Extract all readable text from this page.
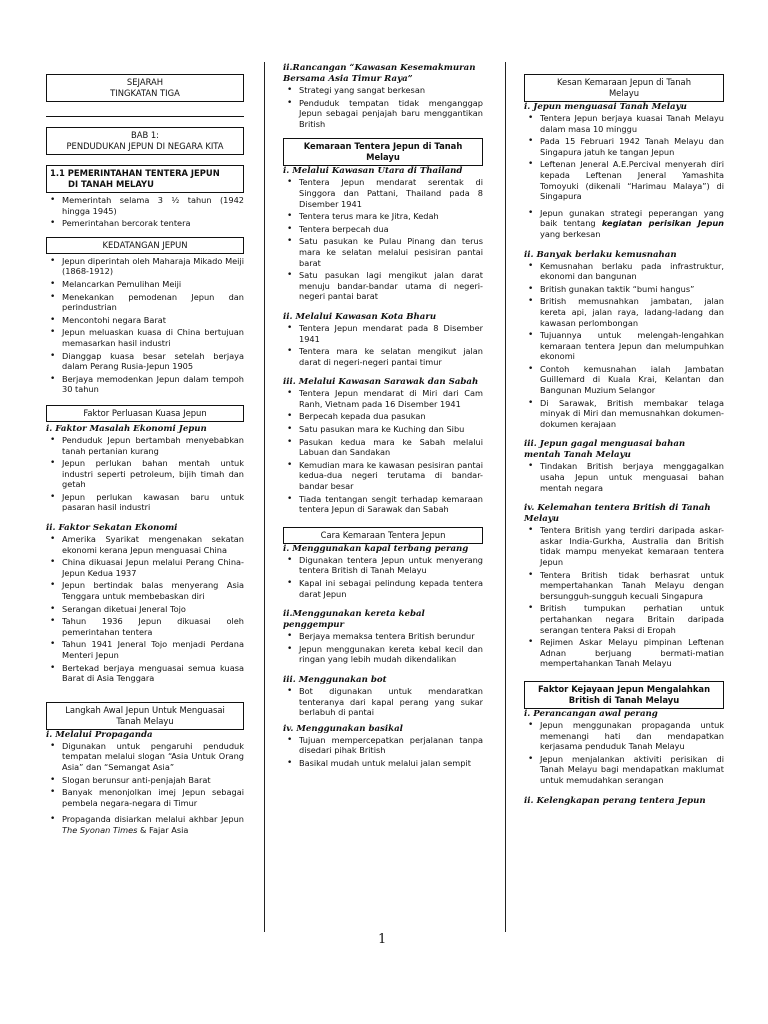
SEJARAH
TINGKATAN TIGA
BAB 1:
PENDUDUKAN JEPUN DI NEGARA KITA
1.1 PEMERINTAHAN TENTERA JEPUN
DI TANAH MELAYU
• Memerintah selama 3 ½ tahun (1942 hingga 1945)
• Pemerintahan bercorak tentera
KEDATANGAN JEPUN
• Jepun diperintah oleh Maharaja Mikado Meiji (1868-1912)
• Melancarkan Pemulihan Meiji
• Menekankan pemodenan Jepun dan perindustrian
• Mencontohi negara Barat
• Jepun meluaskan kuasa di China bertujuan memasarkan hasil industri
• Dianggap kuasa besar setelah berjaya dalam Perang Rusia-Jepun 1905
• Berjaya memodenkan Jepun dalam tempoh 30 tahun
Faktor Perluasan Kuasa Jepun

i. Faktor Masalah Ekonomi Jepun

• Penduduk Jepun bertambah menyebabkan tanah pertanian kurang
• Jepun perlukan bahan mentah untuk industri seperti petroleum, bijih timah dan getah
• Jepun perlukan kawasan baru untuk pasaran hasil industri

ii. Faktor Sekatan Ekonomi

• Amerika Syarikat mengenakan sekatan ekonomi kerana Jepun menguasai China
• China dikuasai Jepun melalui Perang China-Jepun Kedua 1937
• Jepun bertindak balas menyerang Asia Tenggara untuk membebaskan diri
• Serangan diketuai Jeneral Tojo
• Tahun 1936 Jepun dikuasai oleh pemerintahan tentera
• Tahun 1941 Jeneral Tojo menjadi Perdana Menteri Jepun
• Bertekad berjaya menguasai semua kuasa Barat di Asia Tenggara
Langkah Awal Jepun Untuk Menguasai
Tanah Melayu

i. Melalui Propaganda

• Digunakan untuk pengaruhi penduduk tempatan melalui slogan “Asia Untuk Orang Asia” dan “Semangat Asia”
• Slogan berunsur anti-penjajah Barat
• Banyak menonjolkan imej Jepun sebagai pembela negara-negara di Timur
• Propaganda disiarkan melalui akhbar Jepun The Syonan Times & Fajar Asia

ii.Rancangan “Kawasan Kesemakmuran Bersama Asia Timur Raya”

• Strategi yang sangat berkesan
• Penduduk tempatan tidak menganggap Jepun sebagai penjajah baru menggantikan British
Kemaraan Tentera Jepun di Tanah
Melayu

i. Melalui Kawasan Utara di Thailand

• Tentera Jepun mendarat serentak di Singgora dan Pattani, Thailand pada 8 Disember 1941
• Tentera terus mara ke Jitra, Kedah
• Tentera berpecah dua
• Satu pasukan ke Pulau Pinang dan terus mara ke selatan melalui pesisiran pantai barat
• Satu pasukan lagi mengikut jalan darat menuju bandar-bandar utama di negeri-negeri pantai barat

ii. Melalui Kawasan Kota Bharu

• Tentera Jepun mendarat pada 8 Disember 1941
• Tentera mara ke selatan mengikut jalan darat di negeri-negeri pantai timur

iii. Melalui Kawasan Sarawak dan Sabah

• Tentera Jepun mendarat di Miri dari Cam Ranh, Vietnam pada 16 Disember 1941
• Berpecah kepada dua pasukan
• Satu pasukan mara ke Kuching dan Sibu
• Pasukan kedua mara ke Sabah melalui Labuan dan Sandakan
• Kemudian mara ke kawasan pesisiran pantai kedua-dua negeri terutama di bandar-bandar besar
• Tiada tentangan sengit terhadap kemaraan tentera Jepun di Sarawak dan Sabah
Cara Kemaraan Tentera Jepun

i. Menggunakan kapal terbang perang

• Digunakan tentera Jepun untuk menyerang tentera British di Tanah Melayu
• Kapal ini sebagai pelindung kepada tentera darat Jepun

ii.Menggunakan kereta kebal penggempur

• Berjaya memaksa tentera British berundur
• Jepun menggunakan kereta kebal kecil dan ringan yang lebih mudah dikendalikan

iii. Menggunakan bot

• Bot digunakan untuk mendaratkan tenteranya dari kapal perang yang sukar berlabuh di pantai

iv. Menggunakan basikal

• Tujuan mempercepatkan perjalanan tanpa disedari pihak British
• Basikal mudah untuk melalui jalan sempit
Kesan Kemaraan Jepun di Tanah
Melayu

i. Jepun menguasai Tanah Melayu

• Tentera Jepun berjaya kuasai Tanah Melayu dalam masa 10 minggu
• Pada 15 Februari 1942 Tanah Melayu dan Singapura jatuh ke tangan Jepun
• Leftenan Jeneral A.E.Percival menyerah diri kepada Leftenan Jeneral Yamashita Tomoyuki (dikenali “Harimau Malaya”) di Singapura
• Jepun gunakan strategi peperangan yang baik tentang kegiatan perisikan Jepun yang berkesan

ii. Banyak berlaku kemusnahan

• Kemusnahan berlaku pada infrastruktur, ekonomi dan bangunan
• British gunakan taktik “bumi hangus”
• British memusnahkan jambatan, jalan kereta api, jalan raya, ladang-ladang dan kawasan perlombongan
• Tujuannya untuk melengah-lengahkan kemaraan tentera Jepun dan melumpuhkan ekonomi
• Contoh kemusnahan ialah Jambatan Guillemard di Kuala Krai, Kelantan dan Bangunan Muzium Selangor
• Di Sarawak, British membakar telaga minyak di Miri dan memusnahkan dokumen-dokumen kerajaan

iii. Jepun gagal menguasai bahan mentah Tanah Melayu

• Tindakan British berjaya menggagalkan usaha Jepun untuk menguasai bahan mentah negara

iv. Kelemahan tentera British di Tanah Melayu

• Tentera British yang terdiri daripada askar-askar India-Gurkha, Australia dan British tidak mampu menyekat kemaraan tentera Jepun
• Tentera British tidak berhasrat untuk mempertahankan Tanah Melayu dengan bersungguh-sungguh kecuali Singapura
• British tumpukan perhatian untuk pertahankan negara Britain daripada serangan tentera Paksi di Eropah
• Rejimen Askar Melayu pimpinan Leftenan Adnan berjuang bermati-matian mempertahankan Tanah Melayu
Faktor Kejayaan Jepun Mengalahkan
British di Tanah Melayu

i. Perancangan awal perang

• Jepun menggunakan propaganda untuk memenangi hati dan mendapatkan kerjasama penduduk Tanah Melayu
• Jepun menjalankan aktiviti perisikan di Tanah Melayu bagi mendapatkan maklumat untuk memudahkan serangan

ii. Kelengkapan perang tentera Jepun

1
